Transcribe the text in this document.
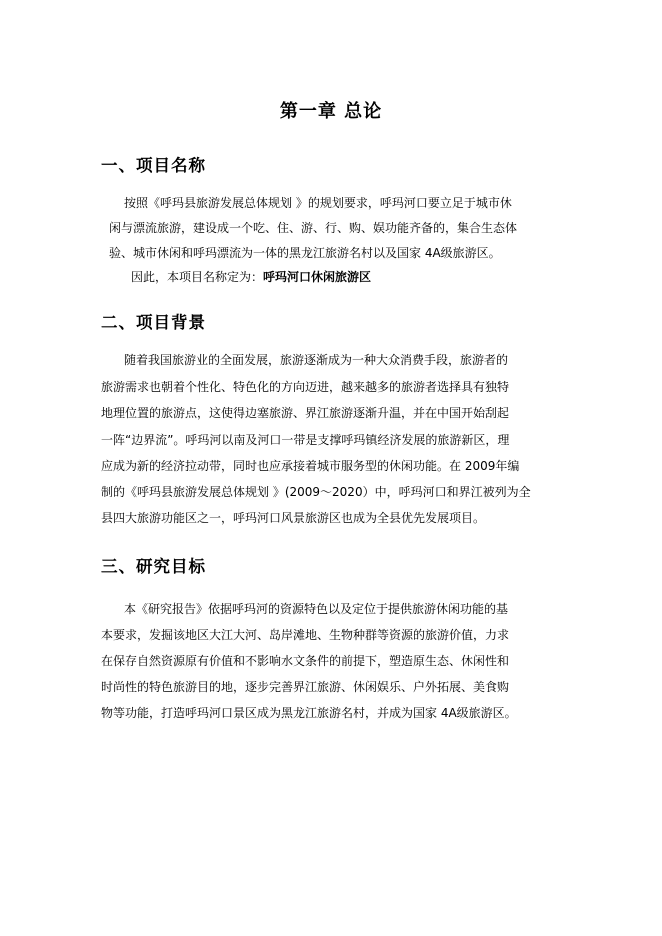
第一章 总论
一、项目名称
按照《呼玛县旅游发展总体规划 》的规划要求，呼玛河口要立足于城市休
闲与漂流旅游，建设成一个吃、住、游、行、购、娱功能齐备的，集合生态体
验、城市休闲和呼玛漂流为一体的黑龙江旅游名村以及国家 4A级旅游区。
因此，本项目名称定为：呼玛河口休闲旅游区
二、项目背景
随着我国旅游业的全面发展，旅游逐渐成为一种大众消费手段，旅游者的
旅游需求也朝着个性化、特色化的方向迈进，越来越多的旅游者选择具有独特
地理位置的旅游点，这使得边塞旅游、界江旅游逐渐升温，并在中国开始刮起
一阵“边界流”。呼玛河以南及河口一带是支撑呼玛镇经济发展的旅游新区，理
应成为新的经济拉动带，同时也应承接着城市服务型的休闲功能。在 2009年编
制的《呼玛县旅游发展总体规划 》(2009～2020）中，呼玛河口和界江被列为全
县四大旅游功能区之一，呼玛河口风景旅游区也成为全县优先发展项目。
三、研究目标
本《研究报告》依据呼玛河的资源特色以及定位于提供旅游休闲功能的基
本要求，发掘该地区大江大河、岛岸滩地、生物种群等资源的旅游价值，力求
在保存自然资源原有价值和不影响水文条件的前提下，塑造原生态、休闲性和
时尚性的特色旅游目的地，逐步完善界江旅游、休闲娱乐、户外拓展、美食购
物等功能，打造呼玛河口景区成为黑龙江旅游名村，并成为国家 4A级旅游区。
